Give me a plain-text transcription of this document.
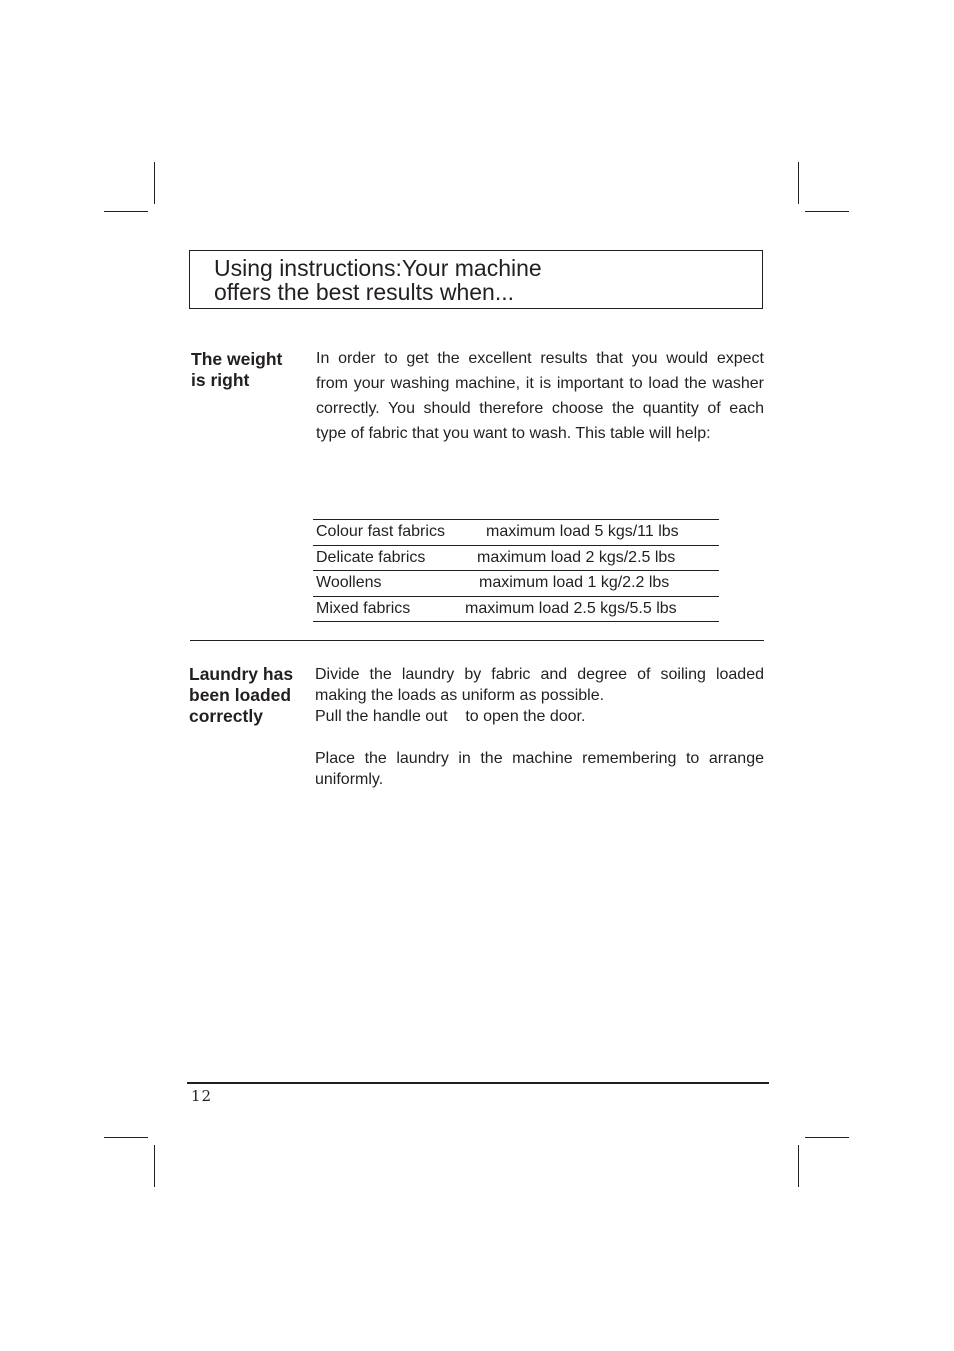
Using instructions:Your machine
offers the best results when...
The weight
is right
In order to get the excellent results that you would expect
from your washing machine, it is important to load the washer
correctly. You should therefore choose the quantity of each
type of fabric that you want to wash. This table will help:
Colour fast fabrics	maximum load 5 kgs/11 lbs
Delicate fabrics	maximum load 2 kgs/2.5 lbs
Woollens	maximum load 1 kg/2.2 lbs
Mixed fabrics	maximum load 2.5 kgs/5.5 lbs
Laundry has
been loaded
correctly
Divide the laundry by fabric and degree of soiling loaded
making the loads as uniform as possible.
Pull the handle out    to open the door.

Place the laundry in the machine remembering to arrange
uniformly.
12
